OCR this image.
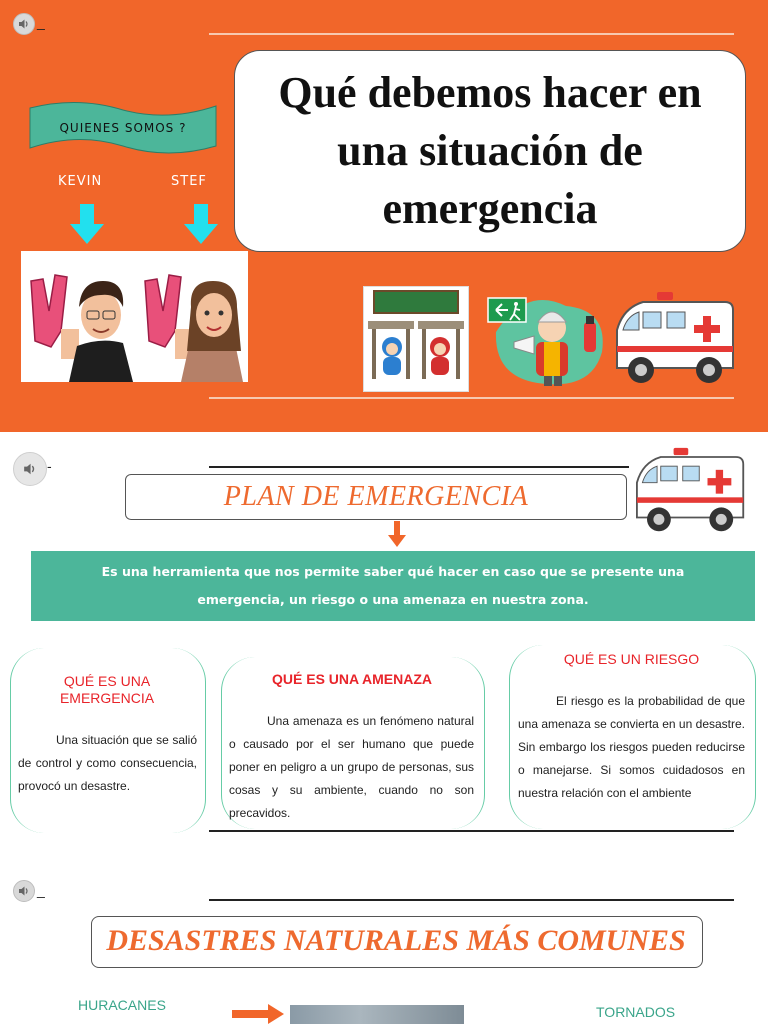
_
Qué debemos hacer en una situación de emergencia
QUIENES SOMOS ?
KEVIN	STEF
-
PLAN DE EMERGENCIA

Es una herramienta que nos permite saber qué hacer en caso que se presente una emergencia, un riesgo o una amenaza en nuestra zona.

QUÉ ES UNA EMERGENCIA
Una situación que se salió de control y como consecuencia, provocó un desastre.
QUÉ ES UNA AMENAZA
Una amenaza es un fenómeno natural o causado por el ser humano que puede poner en peligro a un grupo de personas, sus cosas y su ambiente, cuando no son precavidos.
QUÉ ES UN RIESGO
El riesgo es la probabilidad de que una amenaza se convierta en un desastre. Sin embargo los riesgos pueden reducirse o manejarse. Si somos cuidadosos en nuestra relación con el ambiente
_
DESASTRES NATURALES MÁS COMUNES
HURACANES	TORNADOS
